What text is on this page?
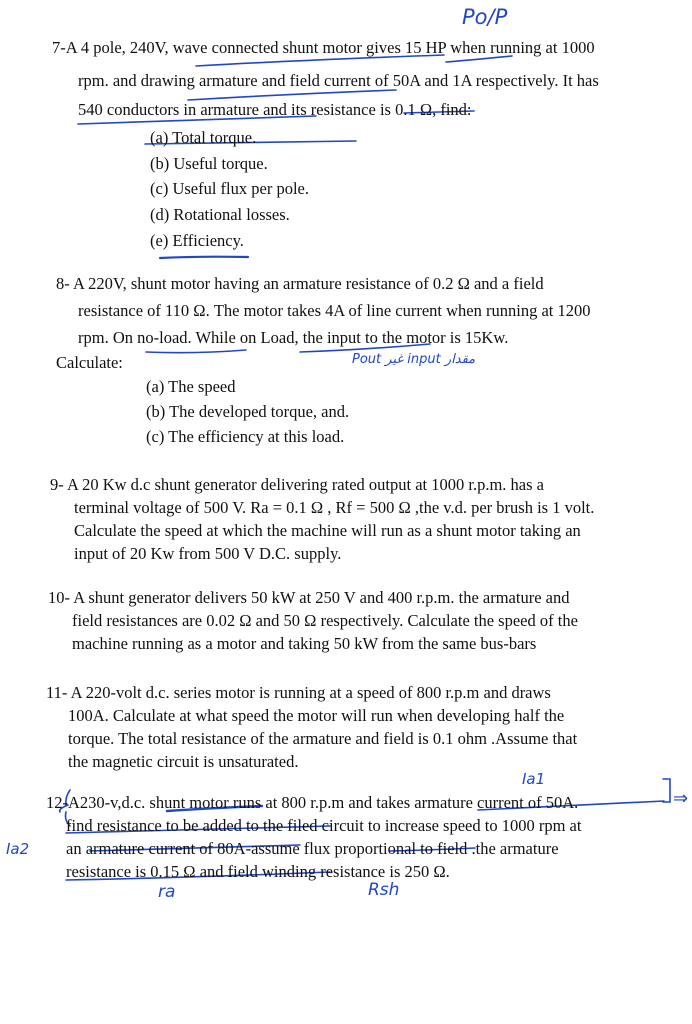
Po/P
Pout غير input مقدار
Ia1
⇒
Ia2
ra	Rsh
7-A 4 pole, 240V, wave connected shunt motor gives 15 HP when running at 1000
rpm. and drawing armature and field current of 50A and 1A respectively. It has
540 conductors in armature and its resistance is 0.1 Ω, find:
(a) Total torque.
(b) Useful torque.
(c) Useful flux per pole.
(d) Rotational losses.
(e) Efficiency.
8- A 220V, shunt motor having an armature resistance of 0.2 Ω and a field
resistance of 110 Ω. The motor takes 4A of line current when running at 1200
rpm. On no-load. While on Load, the input to the motor is 15Kw.
Calculate:
(a) The speed
(b) The developed torque, and.
(c) The efficiency at this load.
9- A 20 Kw d.c shunt generator delivering rated output at 1000 r.p.m. has a
terminal voltage of 500 V. Ra = 0.1 Ω , Rf = 500 Ω ,the v.d. per brush is 1 volt.
Calculate the speed at which the machine will run as a shunt motor taking an
input of 20 Kw from 500 V D.C. supply.
10- A shunt generator delivers 50 kW at 250 V and 400 r.p.m. the armature and
field resistances are 0.02 Ω and 50 Ω respectively. Calculate the speed of the
machine running as a motor and taking 50 kW from the same bus-bars
11- A 220-volt d.c. series motor is running at a speed of 800 r.p.m and draws
100A. Calculate at what speed the motor will run when developing half the
torque. The total resistance of the armature and field is 0.1 ohm .Assume that
the magnetic circuit is unsaturated.
12-A230-v,d.c. shunt motor runs at 800 r.p.m and takes armature current of 50A.
find resistance to be added to the filed circuit to increase speed to 1000 rpm at
an armature current of 80A-assume flux proportional to field .the armature
resistance is 0.15 Ω and field winding resistance is 250 Ω.
